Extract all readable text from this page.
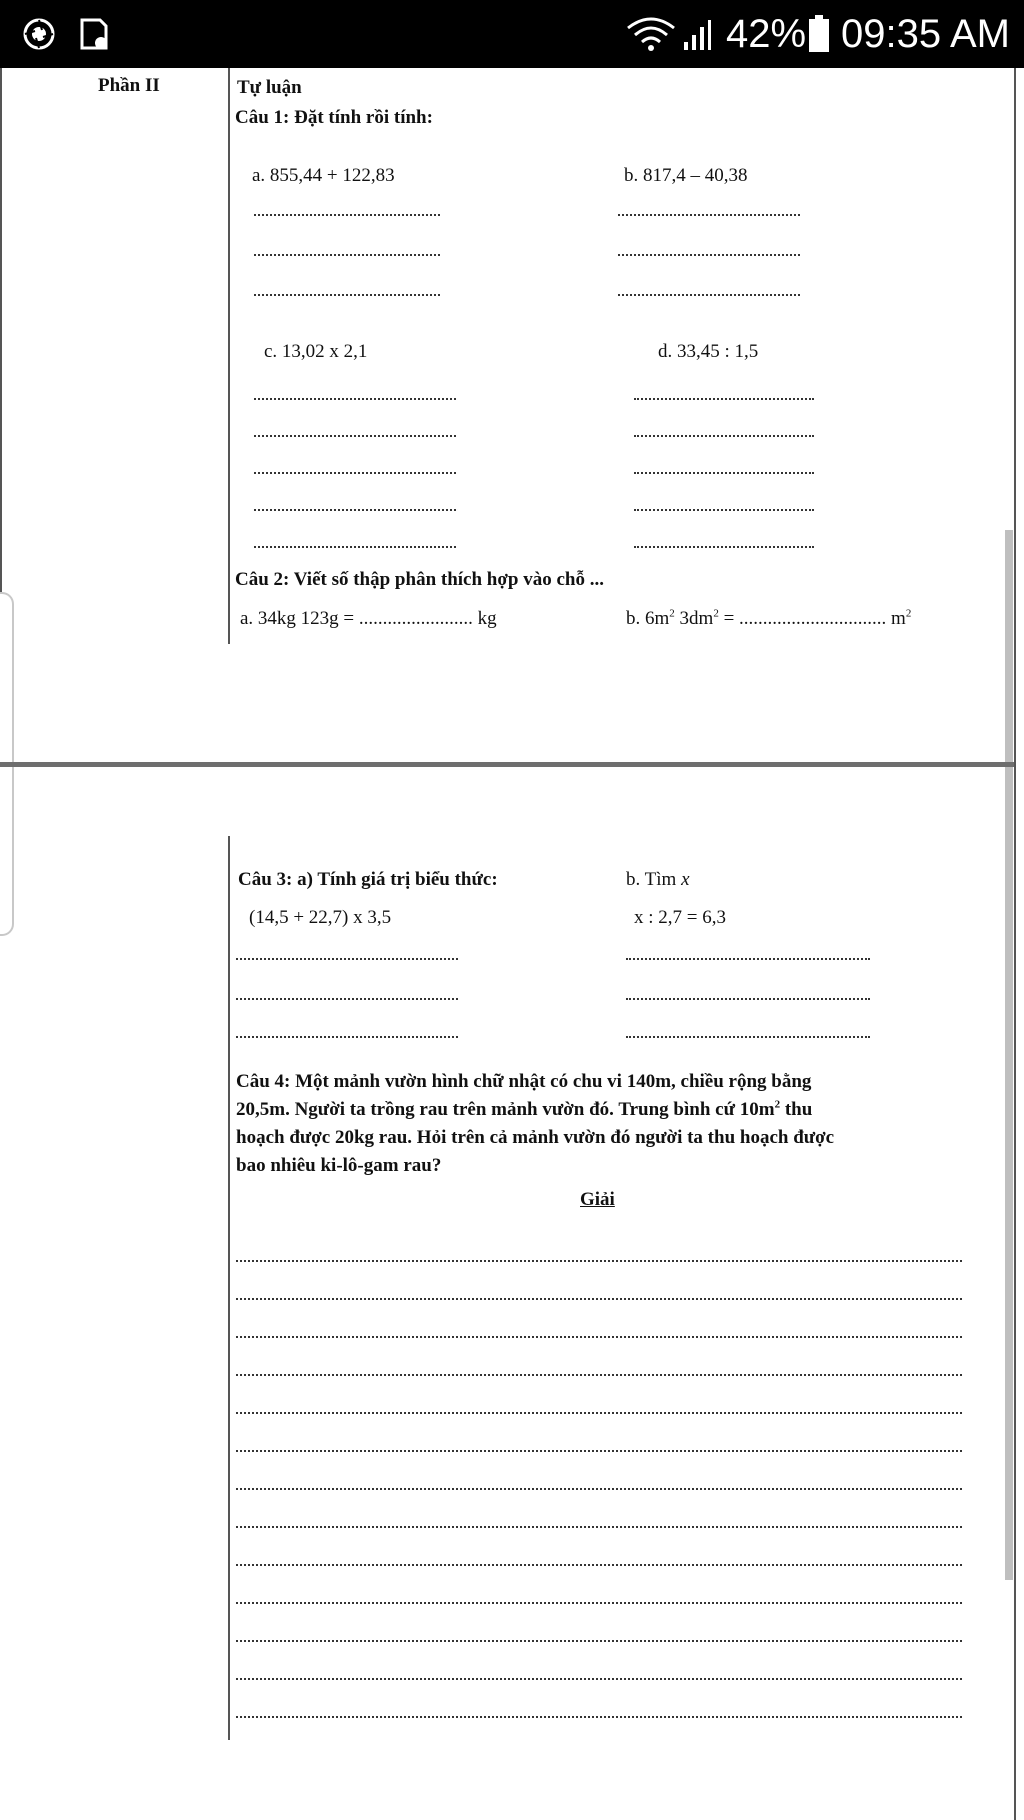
42% 09:35 AM
Phần II	Tự luận
Câu 1: Đặt tính rồi tính:
a. 855,44 + 122,83	b. 817,4 – 40,38
c. 13,02 x 2,1	d. 33,45 : 1,5
Câu 2: Viết số thập phân thích hợp vào chỗ ...
a. 34kg 123g = ........................ kg	b. $6m^2$ $3dm^2$ = ............................... $m^2$
Câu 3: a) Tính giá trị biểu thức:	b. Tìm x
(14,5 + 22,7) x 3,5	x : 2,7 = 6,3
Câu 4: Một mảnh vườn hình chữ nhật có chu vi 140m, chiều rộng bằng
20,5m. Người ta trồng rau trên mảnh vườn đó. Trung bình cứ $10m^2$ thu
hoạch được 20kg rau. Hỏi trên cả mảnh vườn đó người ta thu hoạch được
bao nhiêu ki-lô-gam rau?
Giải
